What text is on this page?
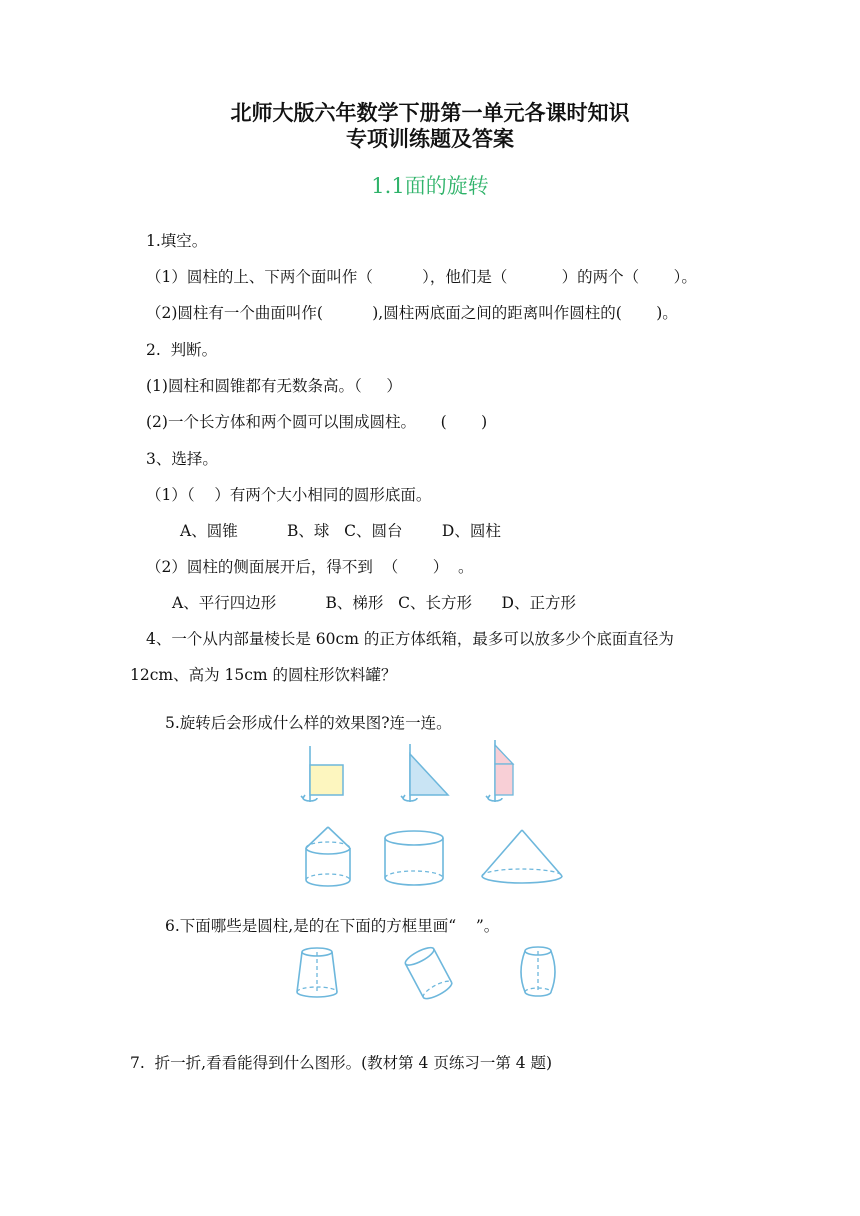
北师大版六年数学下册第一单元各课时知识
专项训练题及答案
1.1面的旋转
1.填空。
（1）圆柱的上、下两个面叫作（          ），他们是（           ）的两个（       ）。
（2)圆柱有一个曲面叫作(          ),圆柱两底面之间的距离叫作圆柱的(       )。
2.  判断。
(1)圆柱和圆锥都有无数条高。（     ）
(2)一个长方体和两个圆可以围成圆柱。     (       )
3、选择。
（1）（    ）有两个大小相同的圆形底面。
A、圆锥          B、球   C、圆台        D、圆柱
（2）圆柱的侧面展开后，得不到  （       ）  。
A、平行四边形          B、梯形   C、长方形      D、正方形
4、一个从内部量棱长是 60cm 的正方体纸箱，最多可以放多少个底面直径为
12cm、高为 15cm 的圆柱形饮料罐？
5.旋转后会形成什么样的效果图?连一连。
6.下面哪些是圆柱,是的在下面的方框里画“    ”。
7.  折一折,看看能得到什么图形。(教材第 4 页练习一第 4 题)
